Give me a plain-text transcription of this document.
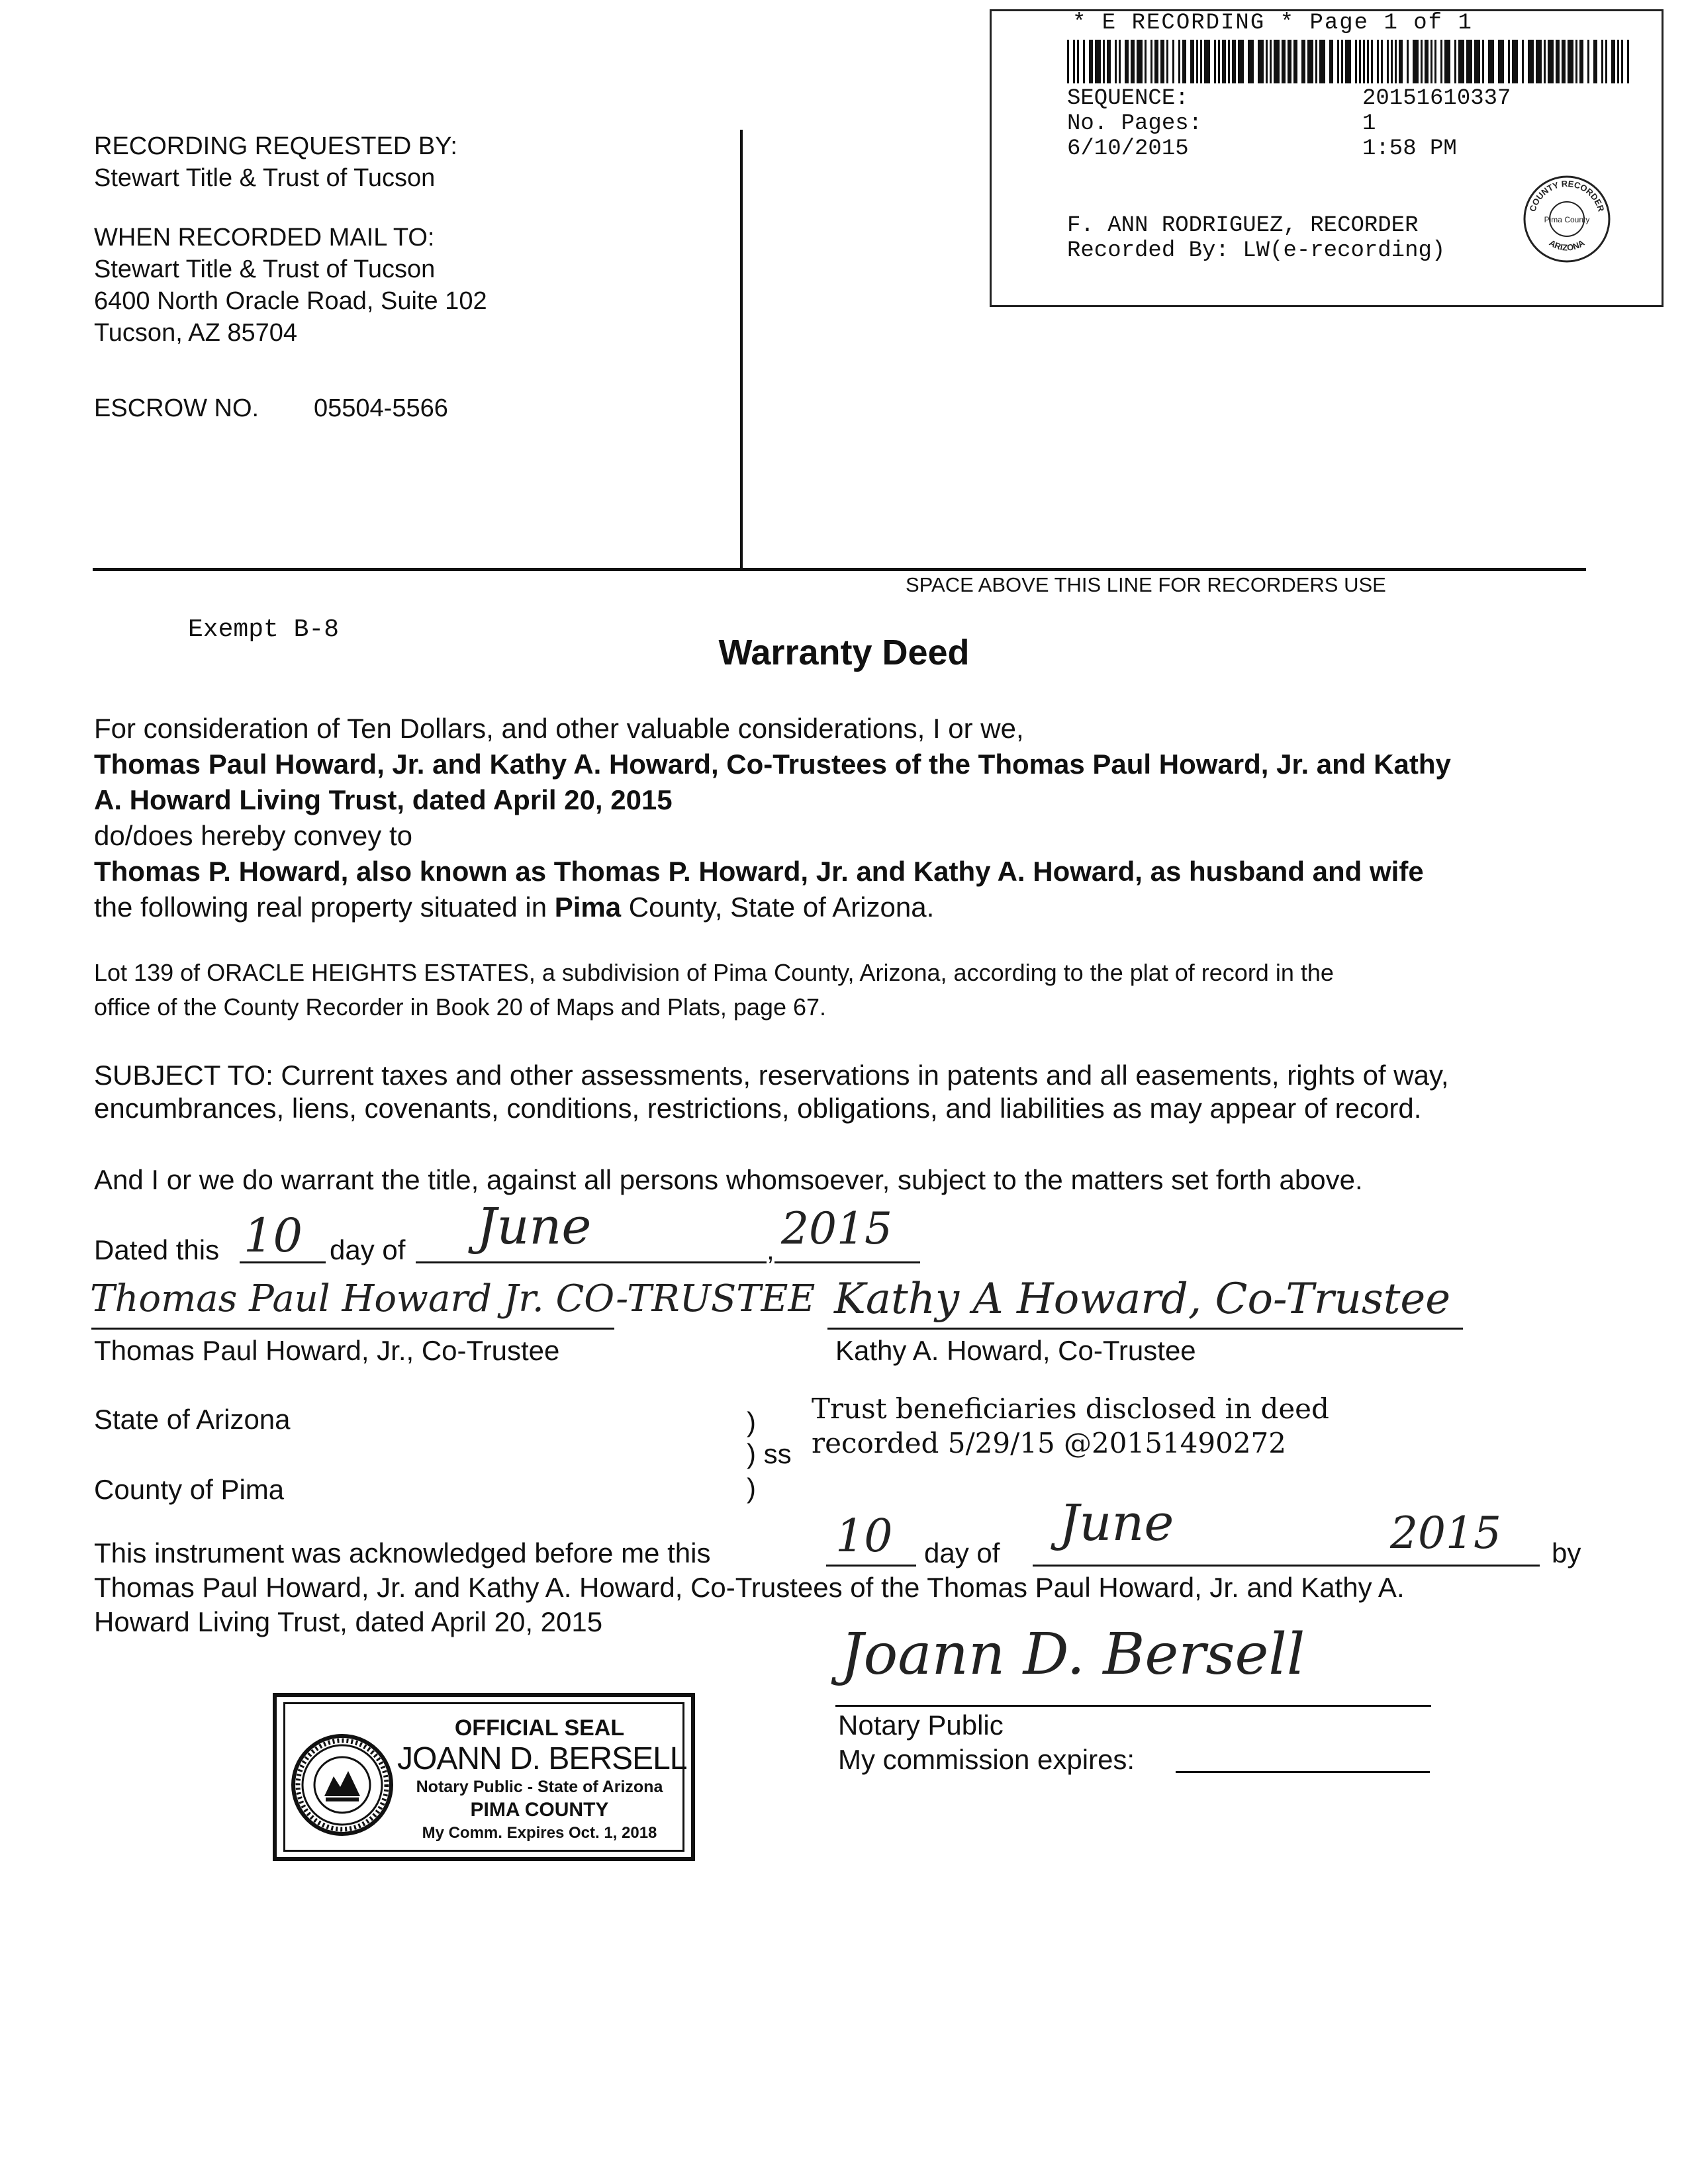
* E RECORDING * Page 1 of 1
SEQUENCE:	20151610337
No. Pages:	1
6/10/2015	1:58 PM
F. ANN RODRIGUEZ, RECORDER
Recorded By: LW(e-recording)
COUNTY RECORDER
ARIZONA
Pima County
RECORDING REQUESTED BY:
Stewart Title & Trust of Tucson
WHEN RECORDED MAIL TO:
Stewart Title & Trust of Tucson
6400 North Oracle Road, Suite 102
Tucson, AZ 85704
ESCROW NO. 05504-5566
SPACE ABOVE THIS LINE FOR RECORDERS USE
Exempt B-8
Warranty Deed
For consideration of Ten Dollars, and other valuable considerations, I or we,
Thomas Paul Howard, Jr. and Kathy A. Howard, Co-Trustees of the Thomas Paul Howard, Jr. and Kathy
A. Howard Living Trust, dated April 20, 2015
do/does hereby convey to
Thomas P. Howard, also known as Thomas P. Howard, Jr. and Kathy A. Howard, as husband and wife
the following real property situated in Pima County, State of Arizona.
Lot 139 of ORACLE HEIGHTS ESTATES, a subdivision of Pima County, Arizona, according to the plat of record in the
office of the County Recorder in Book 20 of Maps and Plats, page 67.
SUBJECT TO: Current taxes and other assessments, reservations in patents and all easements, rights of way,
encumbrances, liens, covenants, conditions, restrictions, obligations, and liabilities as may appear of record.
And I or we do warrant the title, against all persons whomsoever, subject to the matters set forth above.
Dated this 10 day of June	, 2015
Thomas Paul Howard Jr. CO-TRUSTEE
Thomas Paul Howard, Jr., Co-Trustee
Kathy A Howard, Co-Trustee
Kathy A. Howard, Co-Trustee
State of Arizona	)
) ss
County of Pima	)
Trust beneficiaries disclosed in deed
recorded 5/29/15 @20151490272
This instrument was acknowledged before me this	10 day of
June	2015 by
Thomas Paul Howard, Jr. and Kathy A. Howard, Co-Trustees of the Thomas Paul Howard, Jr. and Kathy A.
Howard Living Trust, dated April 20, 2015	Joann D. Bersell
Notary Public
My commission expires:
OFFICIAL SEAL
JOANN D. BERSELL
Notary Public - State of Arizona
PIMA COUNTY
My Comm. Expires Oct. 1, 2018
